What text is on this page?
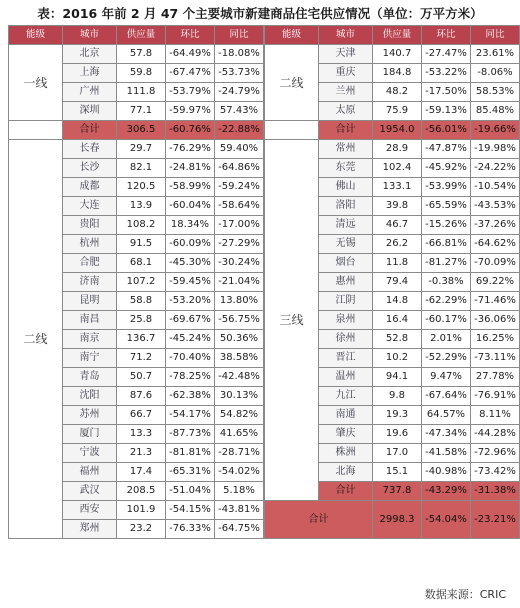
表：2016 年前 2 月 47 个主要城市新建商品住宅供应情况（单位：万平方米）
能级	城市	供应量	环比	同比
一线	北京	57.8	-64.49%	-18.08%
	上海	59.8	-67.47%	-53.73%
	广州	111.8	-53.79%	-24.79%
	深圳	77.1	-59.97%	57.43%
	合计	306.5	-60.76%	-22.88%
二线	长春	29.7	-76.29%	59.40%
	长沙	82.1	-24.81%	-64.86%
	成都	120.5	-58.99%	-59.24%
	大连	13.9	-60.04%	-58.64%
	贵阳	108.2	18.34%	-17.00%
	杭州	91.5	-60.09%	-27.29%
	合肥	68.1	-45.30%	-30.24%
	济南	107.2	-59.45%	-21.04%
	昆明	58.8	-53.20%	13.80%
	南昌	25.8	-69.67%	-56.75%
	南京	136.7	-45.24%	50.36%
	南宁	71.2	-70.40%	38.58%
	青岛	50.7	-78.25%	-42.48%
	沈阳	87.6	-62.38%	30.13%
	苏州	66.7	-54.17%	54.82%
	厦门	13.3	-87.73%	41.65%
	宁波	21.3	-81.81%	-28.71%
	福州	17.4	-65.31%	-54.02%
	武汉	208.5	-51.04%	5.18%
	西安	101.9	-54.15%	-43.81%
	郑州	23.2	-76.33%	-64.75%
能级	城市	供应量	环比	同比
二线	天津	140.7	-27.47%	23.61%
	重庆	184.8	-53.22%	-8.06%
	兰州	48.2	-17.50%	58.53%
	太原	75.9	-59.13%	85.48%
	合计	1954.0	-56.01%	-19.66%
三线	常州	28.9	-47.87%	-19.98%
	东莞	102.4	-45.92%	-24.22%
	佛山	133.1	-53.99%	-10.54%
	洛阳	39.8	-65.59%	-43.53%
	清远	46.7	-15.26%	-37.26%
	无锡	26.2	-66.81%	-64.62%
	烟台	11.8	-81.27%	-70.09%
	惠州	79.4	-0.38%	69.22%
	江阴	14.8	-62.29%	-71.46%
	泉州	16.4	-60.17%	-36.06%
	徐州	52.8	2.01%	16.25%
	晋江	10.2	-52.29%	-73.11%
	温州	94.1	9.47%	27.78%
	九江	9.8	-67.64%	-76.91%
	南通	19.3	64.57%	8.11%
	肇庆	19.6	-47.34%	-44.28%
	株洲	17.0	-41.58%	-72.96%
	北海	15.1	-40.98%	-73.42%
	合计	737.8	-43.29%	-31.38%
合计		2998.3	-54.04%	-23.21%
数据来源：CRIC
